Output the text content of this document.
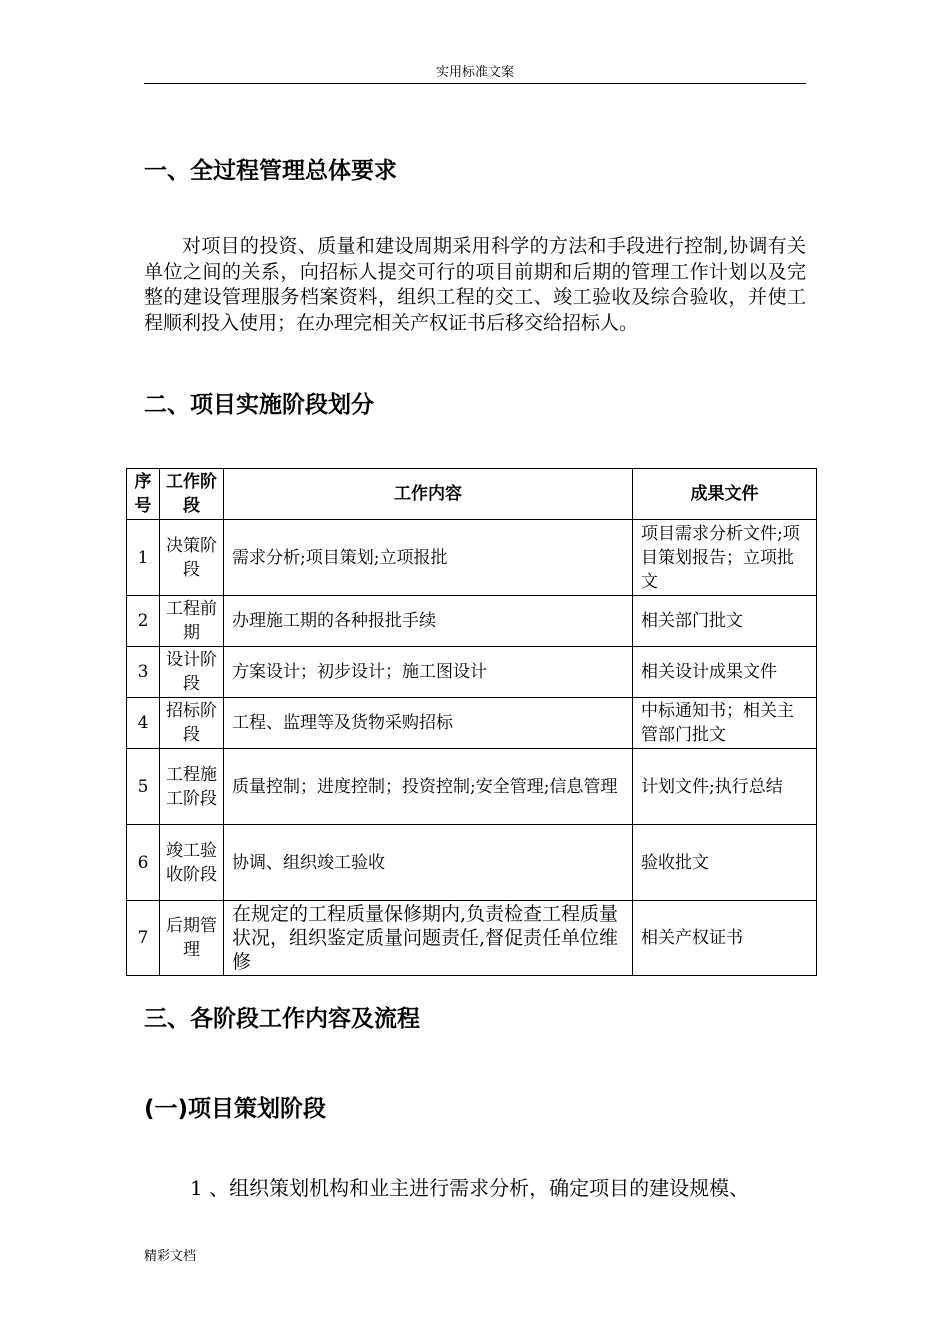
实用标准文案
一、全过程管理总体要求

对项目的投资、质量和建设周期采用科学的方法和手段进行控制,协调有关单位之间的关系，向招标人提交可行的项目前期和后期的管理工作计划以及完整的建设管理服务档案资料，组织工程的交工、竣工验收及综合验收，并使工程顺利投入使用；在办理完相关产权证书后移交给招标人。

二、项目实施阶段划分
序号	工作阶段	工作内容	成果文件
1	决策阶段	需求分析;项目策划;立项报批	项目需求分析文件;项目策划报告；立项批文
2	工程前期	办理施工期的各种报批手续	相关部门批文
3	设计阶段	方案设计；初步设计；施工图设计	相关设计成果文件
4	招标阶段	工程、监理等及货物采购招标	中标通知书；相关主管部门批文
5	工程施工阶段	质量控制；进度控制；投资控制;安全管理;信息管理	计划文件;执行总结
6	竣工验收阶段	协调、组织竣工验收	验收批文
7	后期管理	在规定的工程质量保修期内,负责检查工程质量状况，组织鉴定质量问题责任,督促责任单位维修	相关产权证书
三、各阶段工作内容及流程
(一)项目策划阶段

1 、组织策划机构和业主进行需求分析，确定项目的建设规模、

精彩文档
